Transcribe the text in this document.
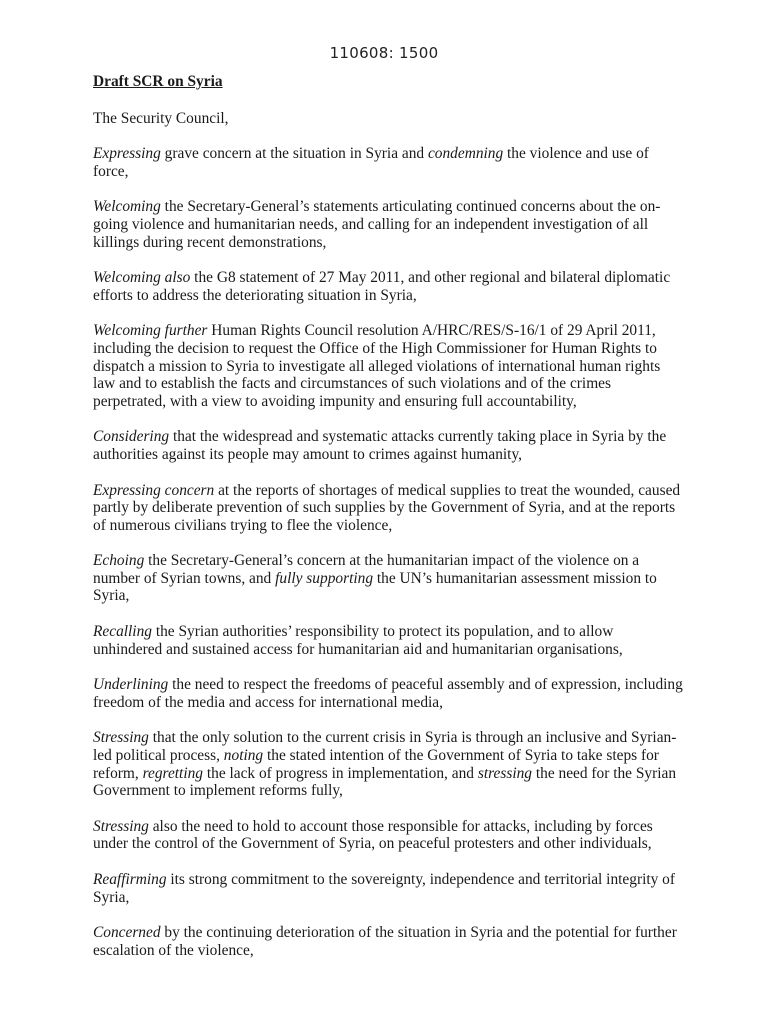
110608: 1500
Draft SCR on Syria
The Security Council,

Expressing grave concern at the situation in Syria and condemning the violence and use of force,

Welcoming the Secretary-General’s statements articulating continued concerns about the on-going violence and humanitarian needs, and calling for an independent investigation of all killings during recent demonstrations,

Welcoming also the G8 statement of 27 May 2011, and other regional and bilateral diplomatic efforts to address the deteriorating situation in Syria,

Welcoming further Human Rights Council resolution A/HRC/RES/S-16/1 of 29 April 2011, including the decision to request the Office of the High Commissioner for Human Rights to dispatch a mission to Syria to investigate all alleged violations of international human rights law and to establish the facts and circumstances of such violations and of the crimes perpetrated, with a view to avoiding impunity and ensuring full accountability,

Considering that the widespread and systematic attacks currently taking place in Syria by the authorities against its people may amount to crimes against humanity,

Expressing concern at the reports of shortages of medical supplies to treat the wounded, caused partly by deliberate prevention of such supplies by the Government of Syria, and at the reports of numerous civilians trying to flee the violence,

Echoing the Secretary-General’s concern at the humanitarian impact of the violence on a number of Syrian towns, and fully supporting the UN’s humanitarian assessment mission to Syria,

Recalling the Syrian authorities’ responsibility to protect its population, and to allow unhindered and sustained access for humanitarian aid and humanitarian organisations,

Underlining the need to respect the freedoms of peaceful assembly and of expression, including freedom of the media and access for international media,

Stressing that the only solution to the current crisis in Syria is through an inclusive and Syrian-led political process, noting the stated intention of the Government of Syria to take steps for reform, regretting the lack of progress in implementation, and stressing the need for the Syrian Government to implement reforms fully,

Stressing also the need to hold to account those responsible for attacks, including by forces under the control of the Government of Syria, on peaceful protesters and other individuals,

Reaffirming its strong commitment to the sovereignty, independence and territorial integrity of Syria,

Concerned by the continuing deterioration of the situation in Syria and the potential for further escalation of the violence,
